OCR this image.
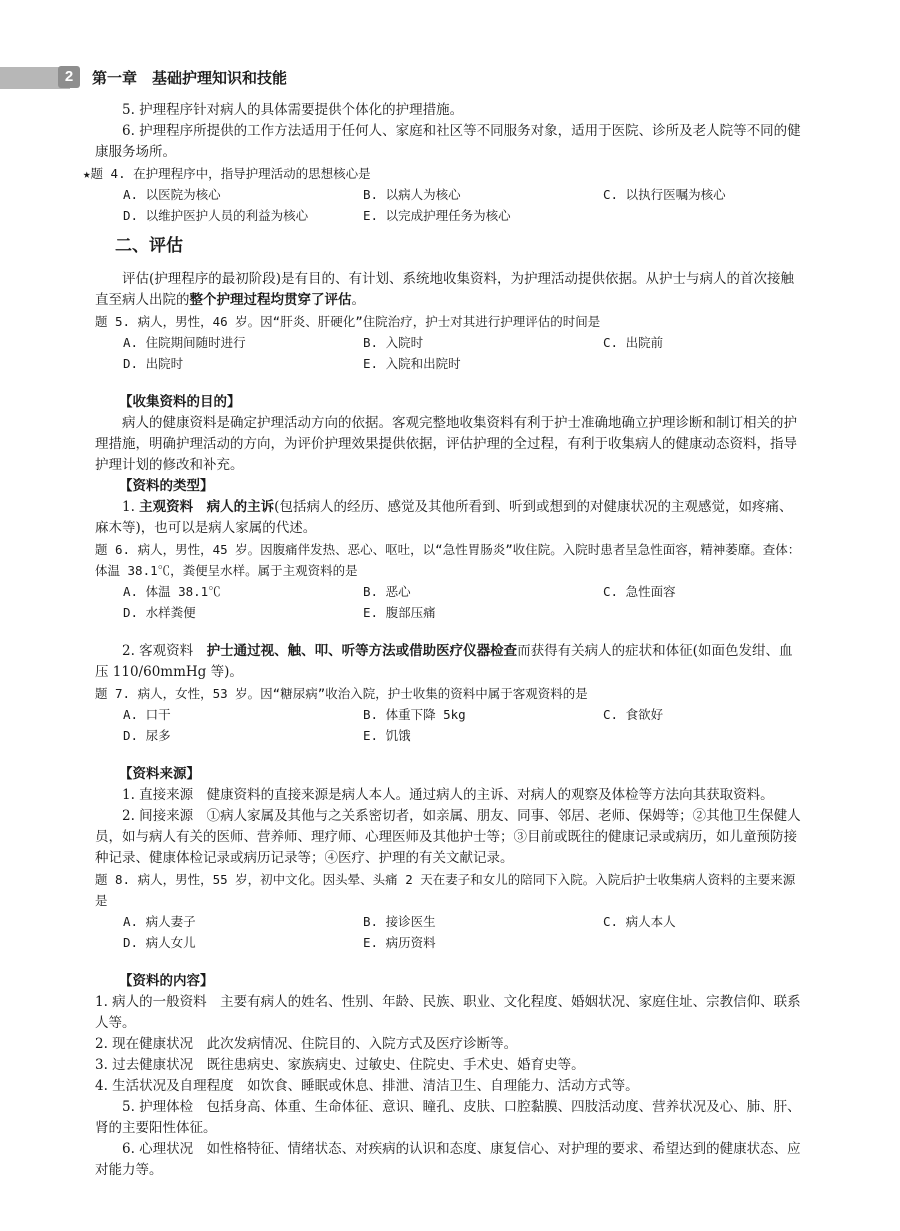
2	第一章　基础护理知识和技能

5. 护理程序针对病人的具体需要提供个体化的护理措施。

6. 护理程序所提供的工作方法适用于任何人、家庭和社区等不同服务对象，适用于医院、诊所及老人院等不同的健康服务场所。

★题 4. 在护理程序中，指导护理活动的思想核心是

A. 以医院为核心	B. 以病人为核心	C. 以执行医嘱为核心
D. 以维护医护人员的利益为核心	E. 以完成护理任务为核心
二、评估

评估(护理程序的最初阶段)是有目的、有计划、系统地收集资料，为护理活动提供依据。从护士与病人的首次接触直至病人出院的整个护理过程均贯穿了评估。

题 5. 病人，男性，46 岁。因“肝炎、肝硬化”住院治疗，护士对其进行护理评估的时间是

A. 住院期间随时进行	B. 入院时	C. 出院前
D. 出院时	E. 入院和出院时

【收集资料的目的】

病人的健康资料是确定护理活动方向的依据。客观完整地收集资料有利于护士准确地确立护理诊断和制订相关的护理措施，明确护理活动的方向，为评价护理效果提供依据，评估护理的全过程，有利于收集病人的健康动态资料，指导护理计划的修改和补充。

【资料的类型】

1. 主观资料　病人的主诉(包括病人的经历、感觉及其他所看到、听到或想到的对健康状况的主观感觉，如疼痛、麻木等)，也可以是病人家属的代述。

题 6. 病人，男性，45 岁。因腹痛伴发热、恶心、呕吐，以“急性胃肠炎”收住院。入院时患者呈急性面容，精神萎靡。查体：体温 38.1℃，粪便呈水样。属于主观资料的是

A. 体温 38.1℃	B. 恶心	C. 急性面容
D. 水样粪便	E. 腹部压痛

2. 客观资料　护士通过视、触、叩、听等方法或借助医疗仪器检查而获得有关病人的症状和体征(如面色发绀、血压 110/60mmHg 等)。

题 7. 病人，女性，53 岁。因“糖尿病”收治入院，护士收集的资料中属于客观资料的是

A. 口干	B. 体重下降 5kg	C. 食欲好
D. 尿多	E. 饥饿

【资料来源】

1. 直接来源　健康资料的直接来源是病人本人。通过病人的主诉、对病人的观察及体检等方法向其获取资料。

2. 间接来源　①病人家属及其他与之关系密切者，如亲属、朋友、同事、邻居、老师、保姆等；②其他卫生保健人员，如与病人有关的医师、营养师、理疗师、心理医师及其他护士等；③目前或既往的健康记录或病历，如儿童预防接种记录、健康体检记录或病历记录等；④医疗、护理的有关文献记录。

题 8. 病人，男性，55 岁，初中文化。因头晕、头痛 2 天在妻子和女儿的陪同下入院。入院后护士收集病人资料的主要来源是

A. 病人妻子	B. 接诊医生	C. 病人本人
D. 病人女儿	E. 病历资料

【资料的内容】

1. 病人的一般资料　主要有病人的姓名、性别、年龄、民族、职业、文化程度、婚姻状况、家庭住址、宗教信仰、联系人等。

2. 现在健康状况　此次发病情况、住院目的、入院方式及医疗诊断等。

3. 过去健康状况　既往患病史、家族病史、过敏史、住院史、手术史、婚育史等。

4. 生活状况及自理程度　如饮食、睡眠或休息、排泄、清洁卫生、自理能力、活动方式等。

5. 护理体检　包括身高、体重、生命体征、意识、瞳孔、皮肤、口腔黏膜、四肢活动度、营养状况及心、肺、肝、肾的主要阳性体征。

6. 心理状况　如性格特征、情绪状态、对疾病的认识和态度、康复信心、对护理的要求、希望达到的健康状态、应对能力等。
